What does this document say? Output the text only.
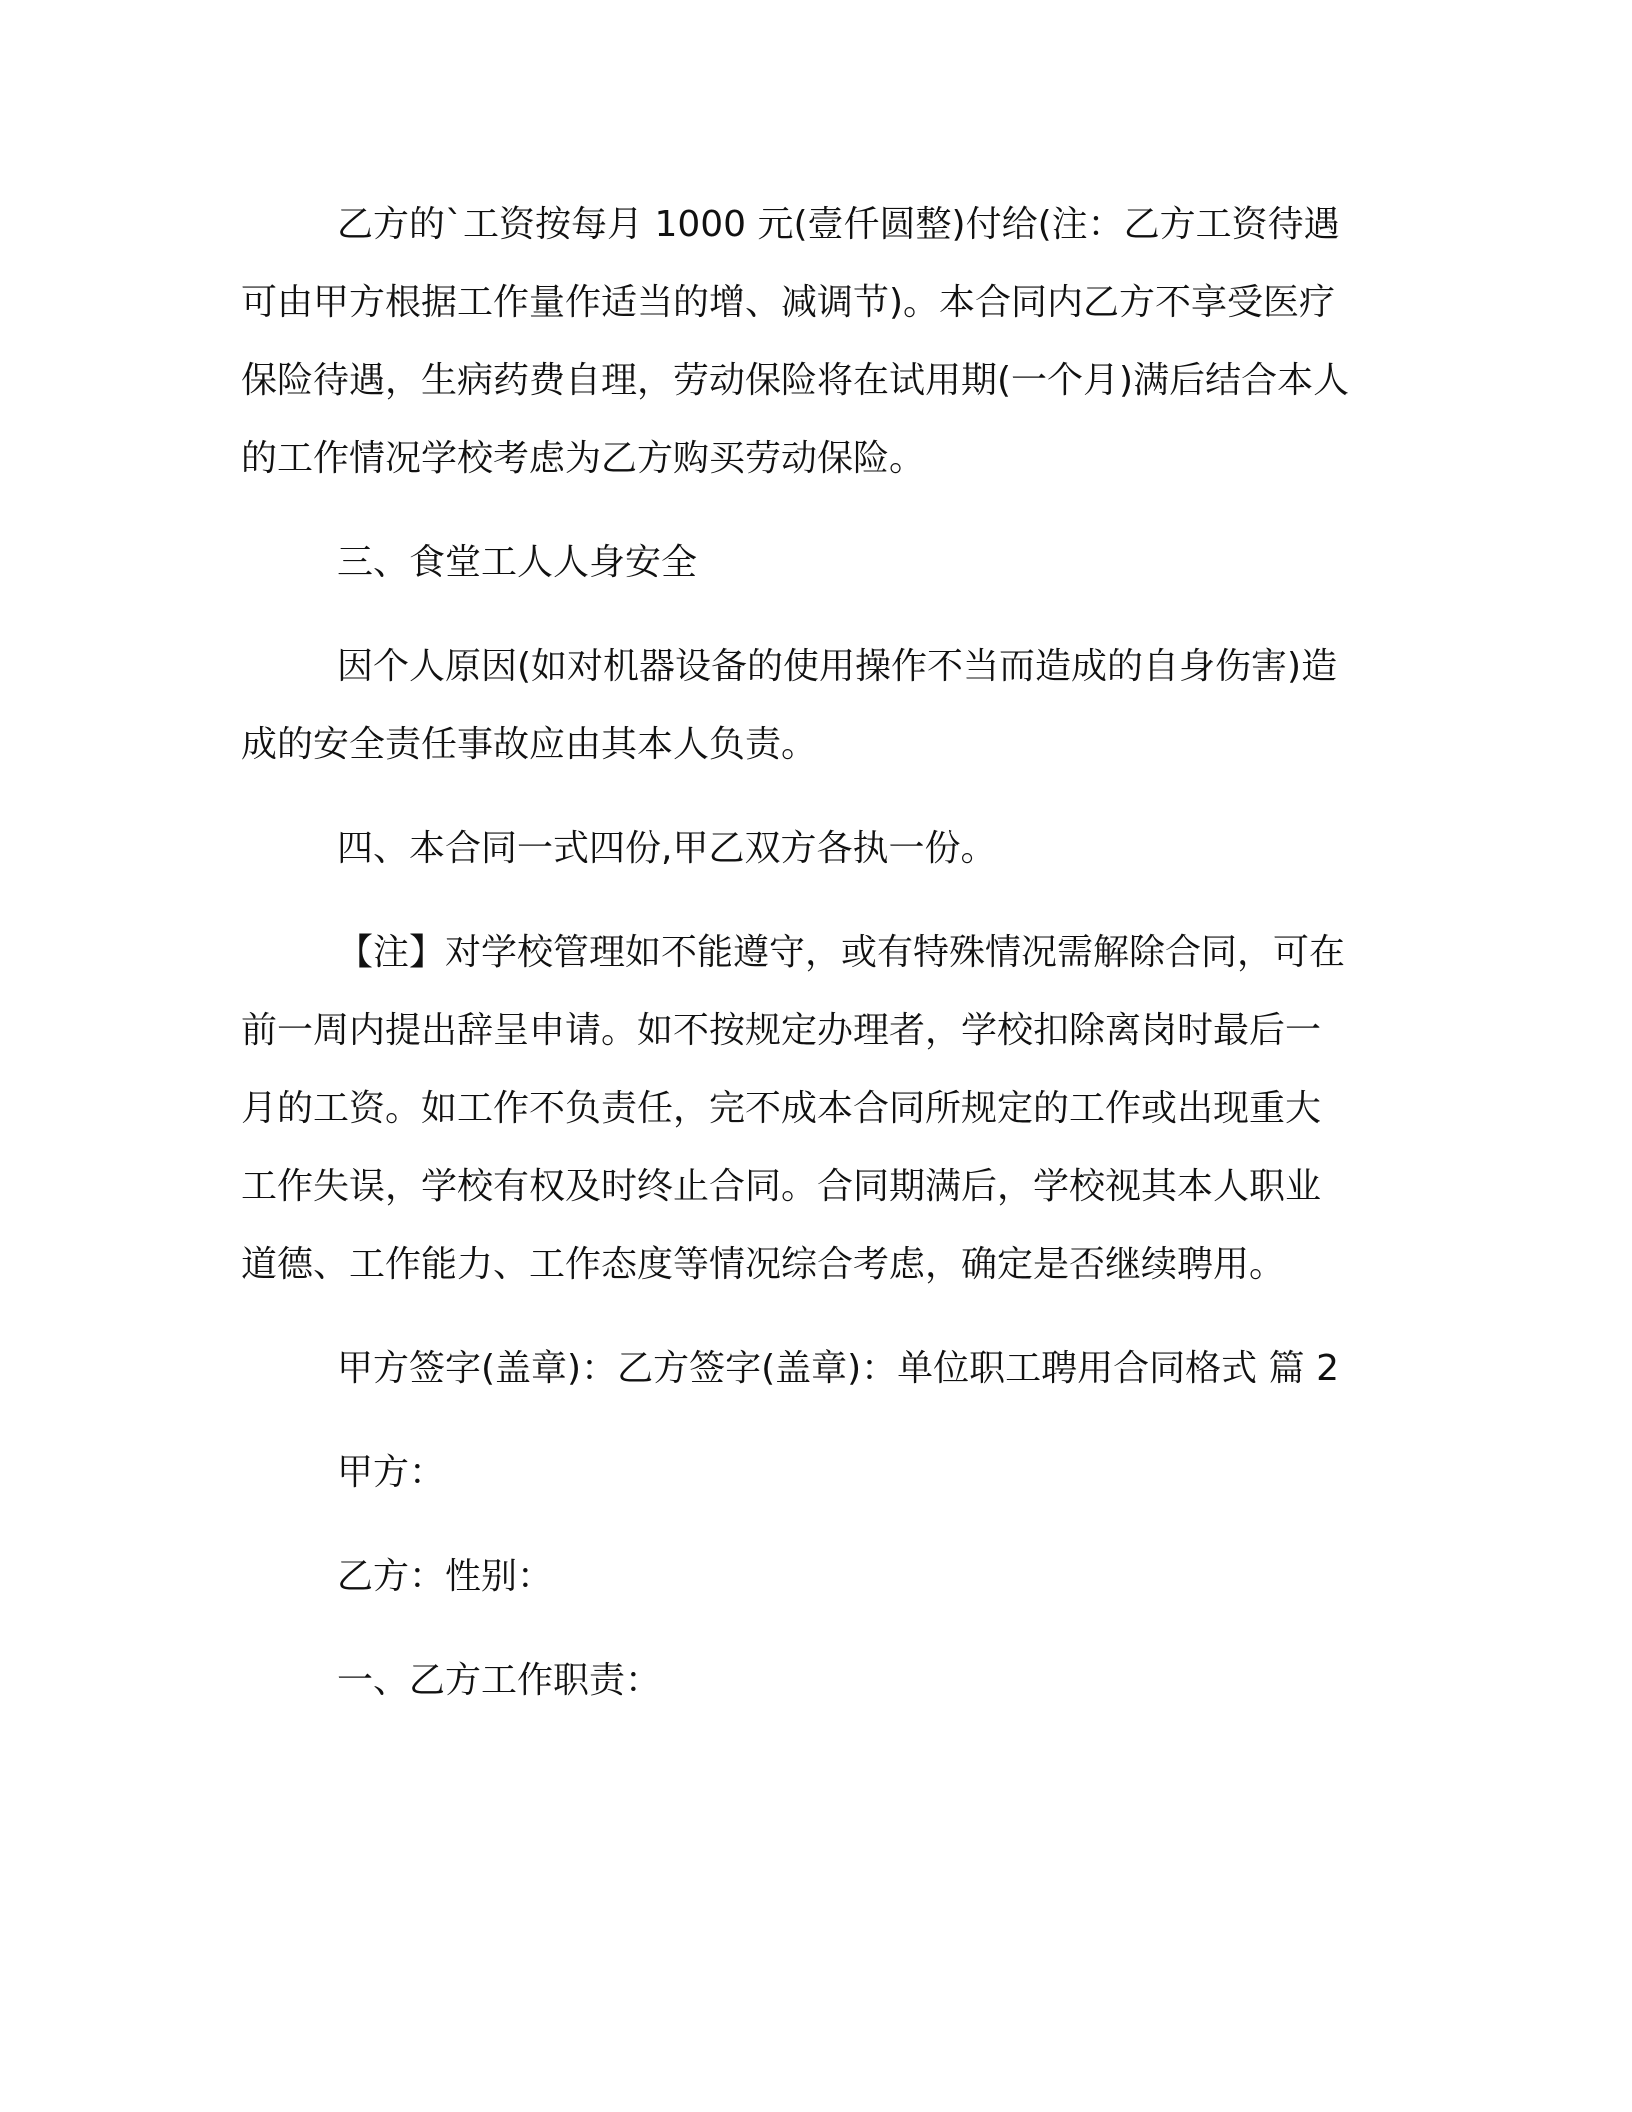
乙方的`工资按每月 1000 元(壹仟圆整)付给(注：乙方工资待遇

可由甲方根据工作量作适当的增、减调节)。本合同内乙方不享受医疗

保险待遇，生病药费自理，劳动保险将在试用期(一个月)满后结合本人

的工作情况学校考虑为乙方购买劳动保险。

三、食堂工人人身安全

因个人原因(如对机器设备的使用操作不当而造成的自身伤害)造

成的安全责任事故应由其本人负责。

四、本合同一式四份,甲乙双方各执一份。

【注】对学校管理如不能遵守，或有特殊情况需解除合同，可在

前一周内提出辞呈申请。如不按规定办理者，学校扣除离岗时最后一

月的工资。如工作不负责任，完不成本合同所规定的工作或出现重大

工作失误，学校有权及时终止合同。合同期满后，学校视其本人职业

道德、工作能力、工作态度等情况综合考虑，确定是否继续聘用。

甲方签字(盖章)：乙方签字(盖章)：单位职工聘用合同格式 篇 2

甲方：

乙方：性别：

一、乙方工作职责：
